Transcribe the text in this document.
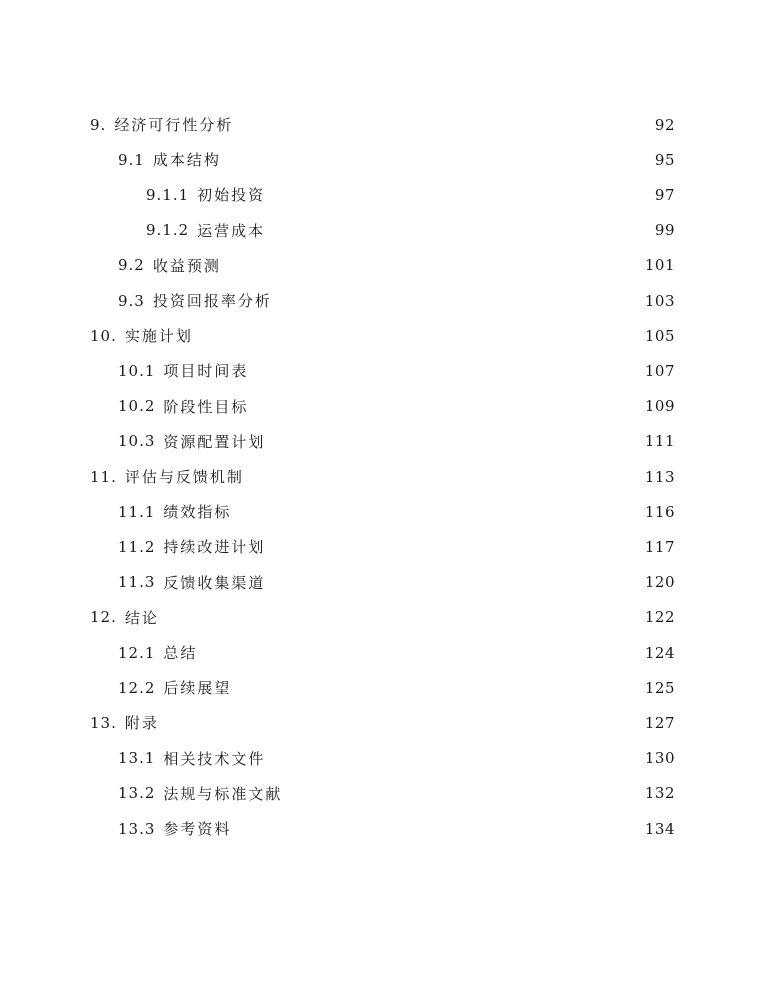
9. 经济可行性分析	92
9.1 成本结构	95
9.1.1 初始投资	97
9.1.2 运营成本	99
9.2 收益预测	101
9.3 投资回报率分析	103
10. 实施计划	105
10.1 项目时间表	107
10.2 阶段性目标	109
10.3 资源配置计划	111
11. 评估与反馈机制	113
11.1 绩效指标	116
11.2 持续改进计划	117
11.3 反馈收集渠道	120
12. 结论	122
12.1 总结	124
12.2 后续展望	125
13. 附录	127
13.1 相关技术文件	130
13.2 法规与标准文献	132
13.3 参考资料	134
